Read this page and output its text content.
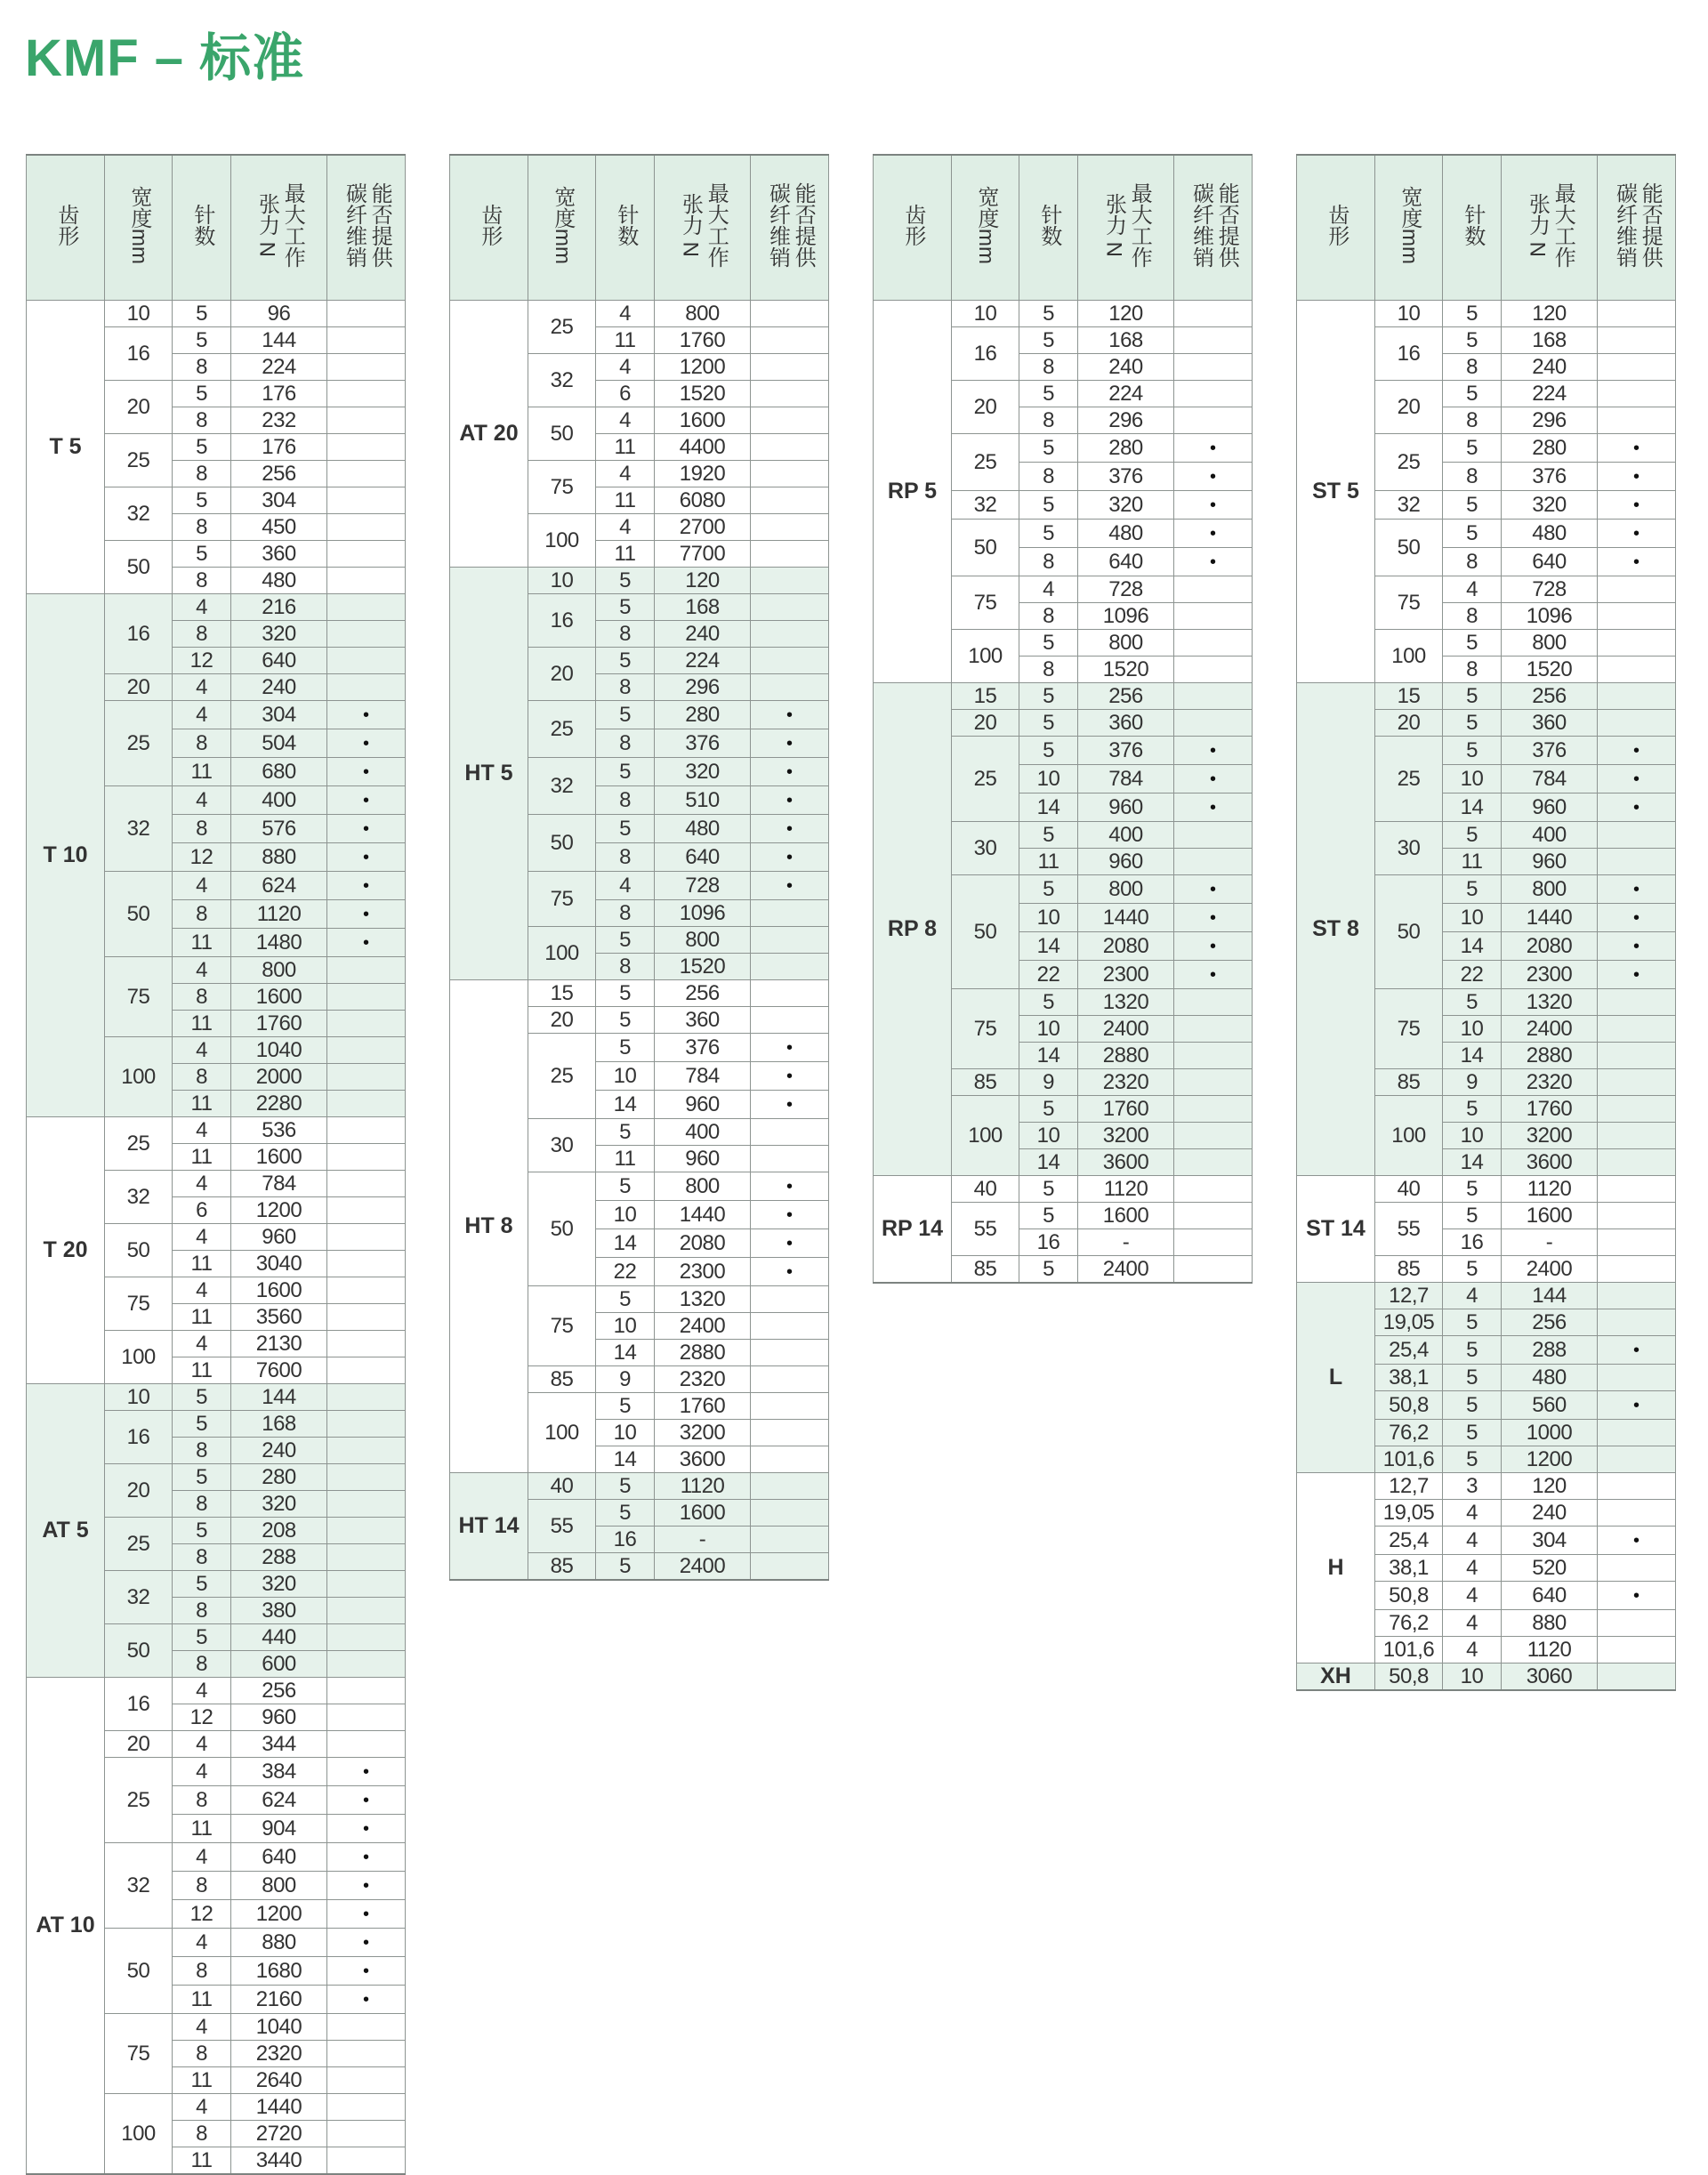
KMF – 标准
齿形	宽度mm	针数	最大工作
张力 N	能否提供
碳纤维销
T 5	10	5	96	
	16	5	144	
		8	224	
	20	5	176	
		8	232	
	25	5	176	
		8	256	
	32	5	304	
		8	450	
	50	5	360	
		8	480	
T 10	16	4	216	
		8	320	
		12	640	
	20	4	240	
	25	4	304	•
		8	504	•
		11	680	•
	32	4	400	•
		8	576	•
		12	880	•
	50	4	624	•
		8	1120	•
		11	1480	•
	75	4	800	
		8	1600	
		11	1760	
	100	4	1040	
		8	2000	
		11	2280	
T 20	25	4	536	
		11	1600	
	32	4	784	
		6	1200	
	50	4	960	
		11	3040	
	75	4	1600	
		11	3560	
	100	4	2130	
		11	7600	
AT 5	10	5	144	
	16	5	168	
		8	240	
	20	5	280	
		8	320	
	25	5	208	
		8	288	
	32	5	320	
		8	380	
	50	5	440	
		8	600	
AT 10	16	4	256	
		12	960	
	20	4	344	
	25	4	384	•
		8	624	•
		11	904	•
	32	4	640	•
		8	800	•
		12	1200	•
	50	4	880	•
		8	1680	•
		11	2160	•
	75	4	1040	
		8	2320	
		11	2640	
	100	4	1440	
		8	2720	
		11	3440	
齿形	宽度mm	针数	最大工作
张力 N	能否提供
碳纤维销
AT 20	25	4	800	
		11	1760	
	32	4	1200	
		6	1520	
	50	4	1600	
		11	4400	
	75	4	1920	
		11	6080	
	100	4	2700	
		11	7700	
HT 5	10	5	120	
	16	5	168	
		8	240	
	20	5	224	
		8	296	
	25	5	280	•
		8	376	•
	32	5	320	•
		8	510	•
	50	5	480	•
		8	640	•
	75	4	728	•
		8	1096	
	100	5	800	
		8	1520	
HT 8	15	5	256	
	20	5	360	
	25	5	376	•
		10	784	•
		14	960	•
	30	5	400	
		11	960	
	50	5	800	•
		10	1440	•
		14	2080	•
		22	2300	•
	75	5	1320	
		10	2400	
		14	2880	
	85	9	2320	
	100	5	1760	
		10	3200	
		14	3600	
HT 14	40	5	1120	
	55	5	1600	
		16	-	
	85	5	2400	
齿形	宽度mm	针数	最大工作
张力 N	能否提供
碳纤维销
RP 5	10	5	120	
	16	5	168	
		8	240	
	20	5	224	
		8	296	
	25	5	280	•
		8	376	•
	32	5	320	•
	50	5	480	•
		8	640	•
	75	4	728	
		8	1096	
	100	5	800	
		8	1520	
RP 8	15	5	256	
	20	5	360	
	25	5	376	•
		10	784	•
		14	960	•
	30	5	400	
		11	960	
	50	5	800	•
		10	1440	•
		14	2080	•
		22	2300	•
	75	5	1320	
		10	2400	
		14	2880	
	85	9	2320	
	100	5	1760	
		10	3200	
		14	3600	
RP 14	40	5	1120	
	55	5	1600	
		16	-	
	85	5	2400	
齿形	宽度mm	针数	最大工作
张力 N	能否提供
碳纤维销
ST 5	10	5	120	
	16	5	168	
		8	240	
	20	5	224	
		8	296	
	25	5	280	•
		8	376	•
	32	5	320	•
	50	5	480	•
		8	640	•
	75	4	728	
		8	1096	
	100	5	800	
		8	1520	
ST 8	15	5	256	
	20	5	360	
	25	5	376	•
		10	784	•
		14	960	•
	30	5	400	
		11	960	
	50	5	800	•
		10	1440	•
		14	2080	•
		22	2300	•
	75	5	1320	
		10	2400	
		14	2880	
	85	9	2320	
	100	5	1760	
		10	3200	
		14	3600	
ST 14	40	5	1120	
	55	5	1600	
		16	-	
	85	5	2400	
L	12,7	4	144	
	19,05	5	256	
	25,4	5	288	•
	38,1	5	480	
	50,8	5	560	•
	76,2	5	1000	
	101,6	5	1200	
H	12,7	3	120	
	19,05	4	240	
	25,4	4	304	•
	38,1	4	520	
	50,8	4	640	•
	76,2	4	880	
	101,6	4	1120	
XH	50,8	10	3060	
